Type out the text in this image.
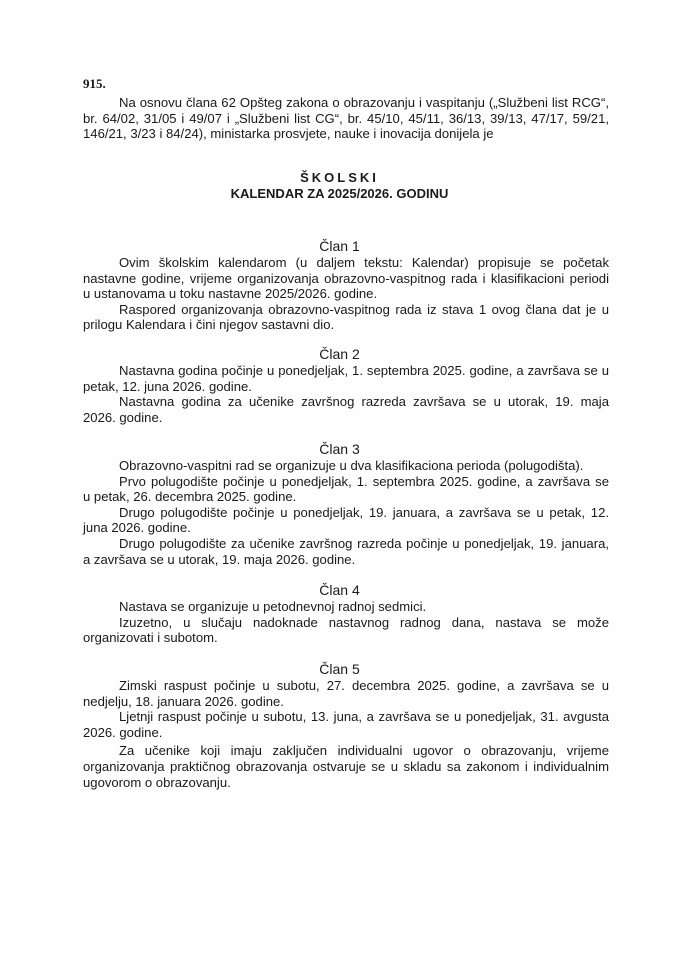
915.
Na osnovu člana 62 Opšteg zakona o obrazovanju i vaspitanju („Službeni list RCG“,
br. 64/02, 31/05 i 49/07 i „Službeni list CG“, br. 45/10, 45/11, 36/13, 39/13, 47/17, 59/21,
146/21, 3/23 i 84/24), ministarka prosvjete, nauke i inovacija donijela je
ŠKOLSKI
KALENDAR ZA 2025/2026. GODINU
Član 1
Ovim školskim kalendarom (u daljem tekstu: Kalendar) propisuje se početak
nastavne godine, vrijeme organizovanja obrazovno-vaspitnog rada i klasifikacioni periodi
u ustanovama u toku nastavne 2025/2026. godine.
Raspored organizovanja obrazovno-vaspitnog rada iz stava 1 ovog člana dat je u
prilogu Kalendara i čini njegov sastavni dio.
Član 2
Nastavna godina počinje u ponedjeljak, 1. septembra 2025. godine, a završava se u
petak, 12. juna 2026. godine.
Nastavna godina za učenike završnog razreda završava se u utorak, 19. maja
2026. godine.
Član 3
Obrazovno-vaspitni rad se organizuje u dva klasifikaciona perioda (polugodišta).
Prvo polugodište počinje u ponedjeljak, 1. septembra 2025. godine, a završava se
u petak, 26. decembra 2025. godine.
Drugo polugodište počinje u ponedjeljak, 19. januara, a završava se u petak, 12.
juna 2026. godine.
Drugo polugodište za učenike završnog razreda počinje u ponedjeljak, 19. januara,
a završava se u utorak, 19. maja 2026. godine.
Član 4
Nastava se organizuje u petodnevnoj radnoj sedmici.
Izuzetno, u slučaju nadoknade nastavnog radnog dana, nastava se može
organizovati i subotom.
Član 5
Zimski raspust počinje u subotu, 27. decembra 2025. godine, a završava se u
nedjelju, 18. januara 2026. godine.
Ljetnji raspust počinje u subotu, 13. juna, a završava se u ponedjeljak, 31. avgusta
2026. godine.
Za učenike koji imaju zaključen individualni ugovor o obrazovanju, vrijeme
organizovanja praktičnog obrazovanja ostvaruje se u skladu sa zakonom i individualnim
ugovorom o obrazovanju.
